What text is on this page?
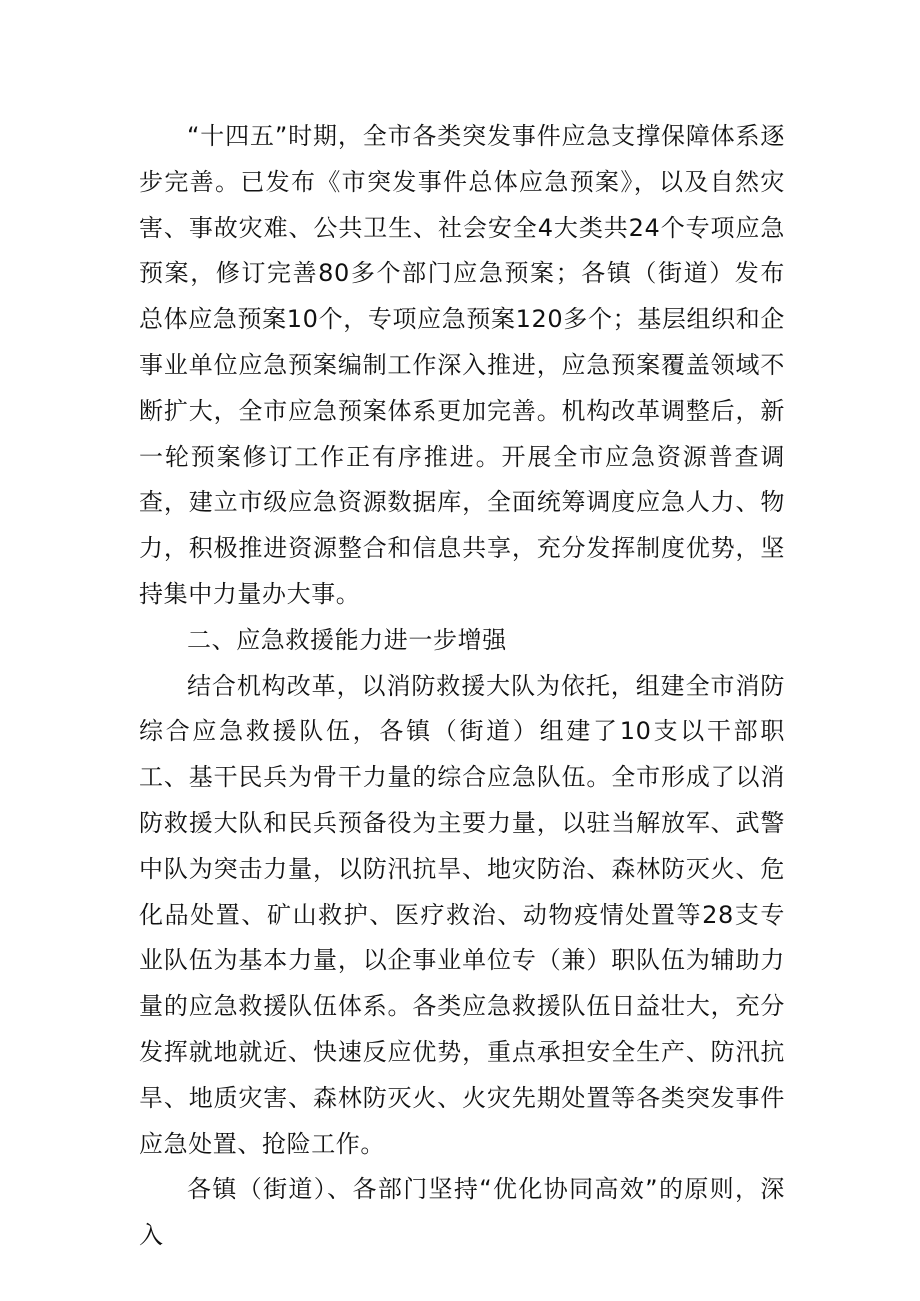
“十四五”时期，全市各类突发事件应急支撑保障体系逐步完善。已发布《市突发事件总体应急预案》，以及自然灾害、事故灾难、公共卫生、社会安全4大类共24个专项应急预案，修订完善80多个部门应急预案；各镇（街道）发布总体应急预案10个，专项应急预案120多个；基层组织和企事业单位应急预案编制工作深入推进，应急预案覆盖领域不断扩大，全市应急预案体系更加完善。机构改革调整后，新一轮预案修订工作正有序推进。开展全市应急资源普查调查，建立市级应急资源数据库，全面统筹调度应急人力、物力，积极推进资源整合和信息共享，充分发挥制度优势，坚持集中力量办大事。

二、应急救援能力进一步增强

结合机构改革，以消防救援大队为依托，组建全市消防综合应急救援队伍，各镇（街道）组建了10支以干部职工、基干民兵为骨干力量的综合应急队伍。全市形成了以消防救援大队和民兵预备役为主要力量，以驻当解放军、武警中队为突击力量，以防汛抗旱、地灾防治、森林防灭火、危化品处置、矿山救护、医疗救治、动物疫情处置等28支专业队伍为基本力量，以企事业单位专（兼）职队伍为辅助力量的应急救援队伍体系。各类应急救援队伍日益壮大，充分发挥就地就近、快速反应优势，重点承担安全生产、防汛抗旱、地质灾害、森林防灭火、火灾先期处置等各类突发事件应急处置、抢险工作。

各镇（街道）、各部门坚持“优化协同高效”的原则，深入
